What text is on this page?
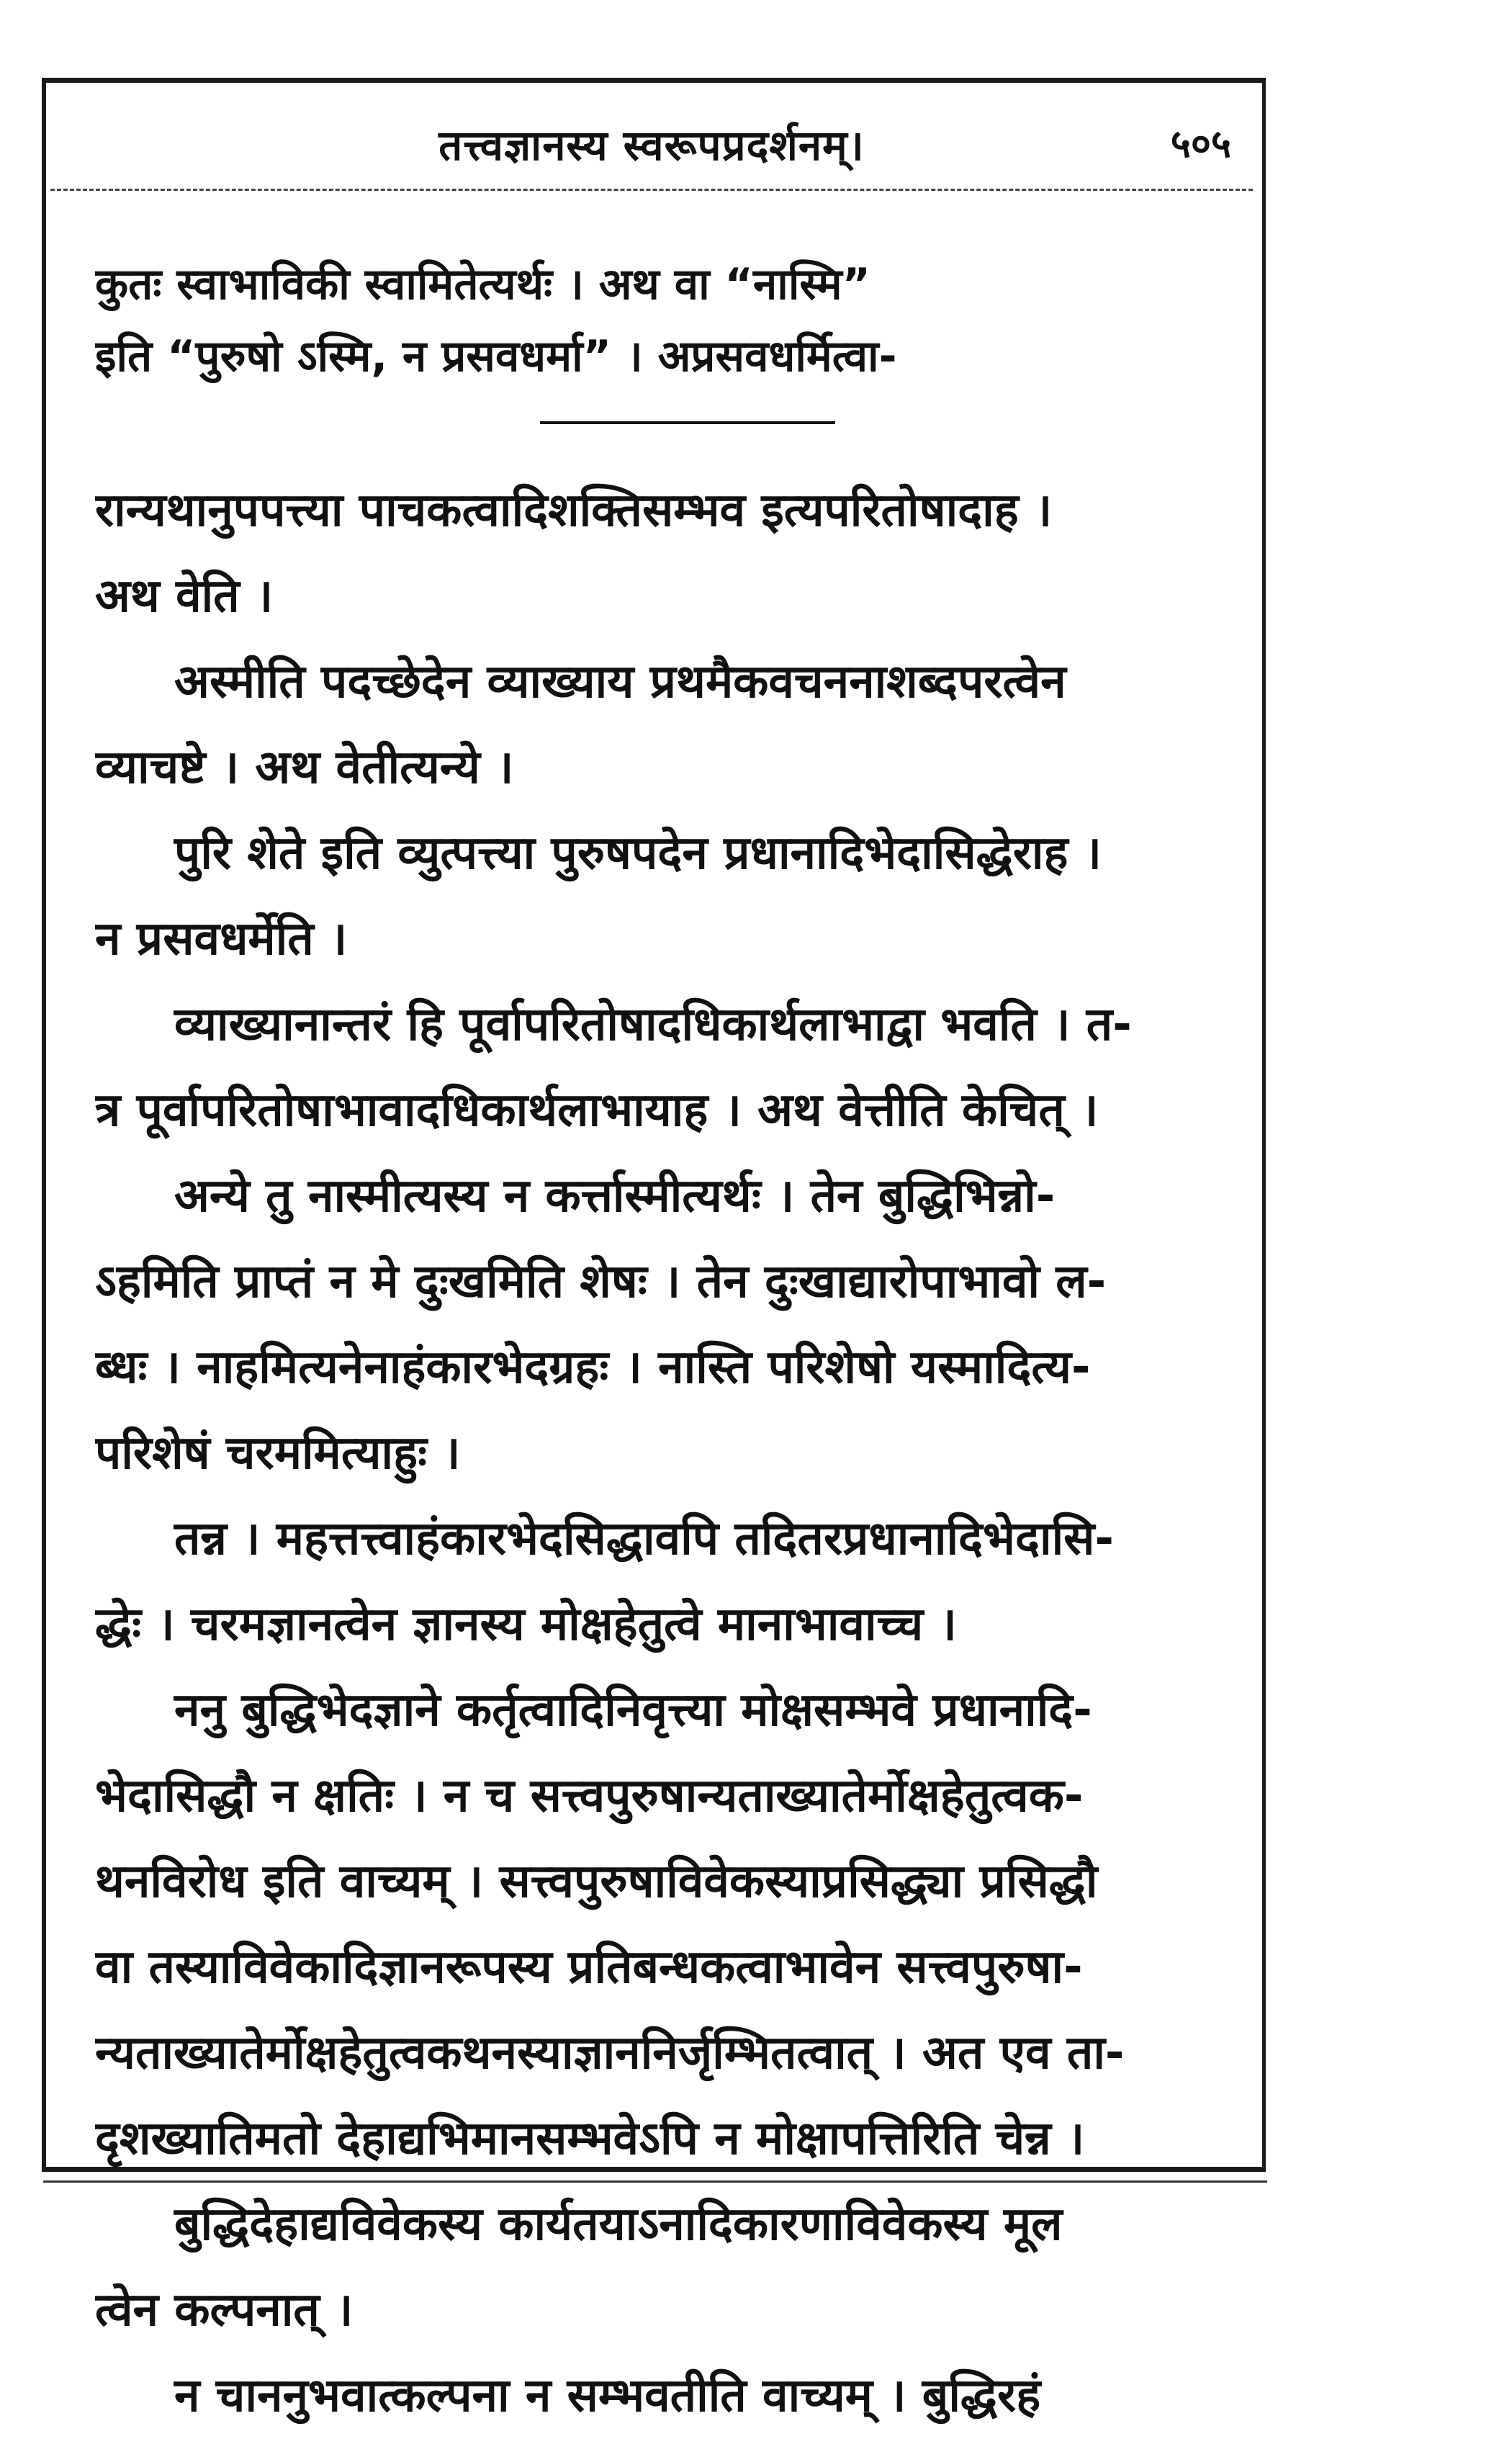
तत्त्वज्ञानस्य स्वरूपप्रदर्शनम्।	५०५
कुतः स्वाभाविकी स्वामितेत्यर्थः । अथ वा “नास्मि”
इति “पुरुषो ऽस्मि, न प्रसवधर्मा” । अप्रसवधर्मित्वा-
रान्यथानुपपत्त्या पाचकत्वादिशक्तिसम्भव इत्यपरितोषादाह ।
अथ वेति ।
अस्मीति पदच्छेदेन व्याख्याय प्रथमैकवचननाशब्दपरत्वेन
व्याचष्टे । अथ वेतीत्यन्ये ।
पुरि शेते इति व्युत्पत्त्या पुरुषपदेन प्रधानादिभेदासिद्धेराह ।
न प्रसवधर्मेति ।
व्याख्यानान्तरं हि पूर्वापरितोषादधिकार्थलाभाद्वा भवति । त-
त्र पूर्वापरितोषाभावादधिकार्थलाभायाह । अथ वेत्तीति केचित् ।
अन्ये तु नास्मीत्यस्य न कर्त्तास्मीत्यर्थः । तेन बुद्धिभिन्नो-
ऽहमिति प्राप्तं न मे दुःखमिति शेषः । तेन दुःखाद्यारोपाभावो ल-
ब्धः । नाहमित्यनेनाहंकारभेदग्रहः । नास्ति परिशेषो यस्मादित्य-
परिशेषं चरममित्याहुः ।
तन्न । महत्तत्त्वाहंकारभेदसिद्धावपि तदितरप्रधानादिभेदासि-
द्धेः । चरमज्ञानत्वेन ज्ञानस्य मोक्षहेतुत्वे मानाभावाच्च ।
ननु बुद्धिभेदज्ञाने कर्तृत्वादिनिवृत्त्या मोक्षसम्भवे प्रधानादि-
भेदासिद्धौ न क्षतिः । न च सत्त्वपुरुषान्यताख्यातेर्मोक्षहेतुत्वक-
थनविरोध इति वाच्यम् । सत्त्वपुरुषाविवेकस्याप्रसिद्ध्या प्रसिद्धौ
वा तस्याविवेकादिज्ञानरूपस्य प्रतिबन्धकत्वाभावेन सत्त्वपुरुषा-
न्यताख्यातेर्मोक्षहेतुत्वकथनस्याज्ञाननिर्जृम्भितत्वात् । अत एव ता-
दृशख्यातिमतो देहाद्यभिमानसम्भवेऽपि न मोक्षापत्तिरिति चेन्न ।
बुद्धिदेहाद्यविवेकस्य कार्यतयाऽनादिकारणाविवेकस्य मूल
त्वेन कल्पनात् ।
न चाननुभवात्कल्पना न सम्भवतीति वाच्यम् । बुद्धिरहं
